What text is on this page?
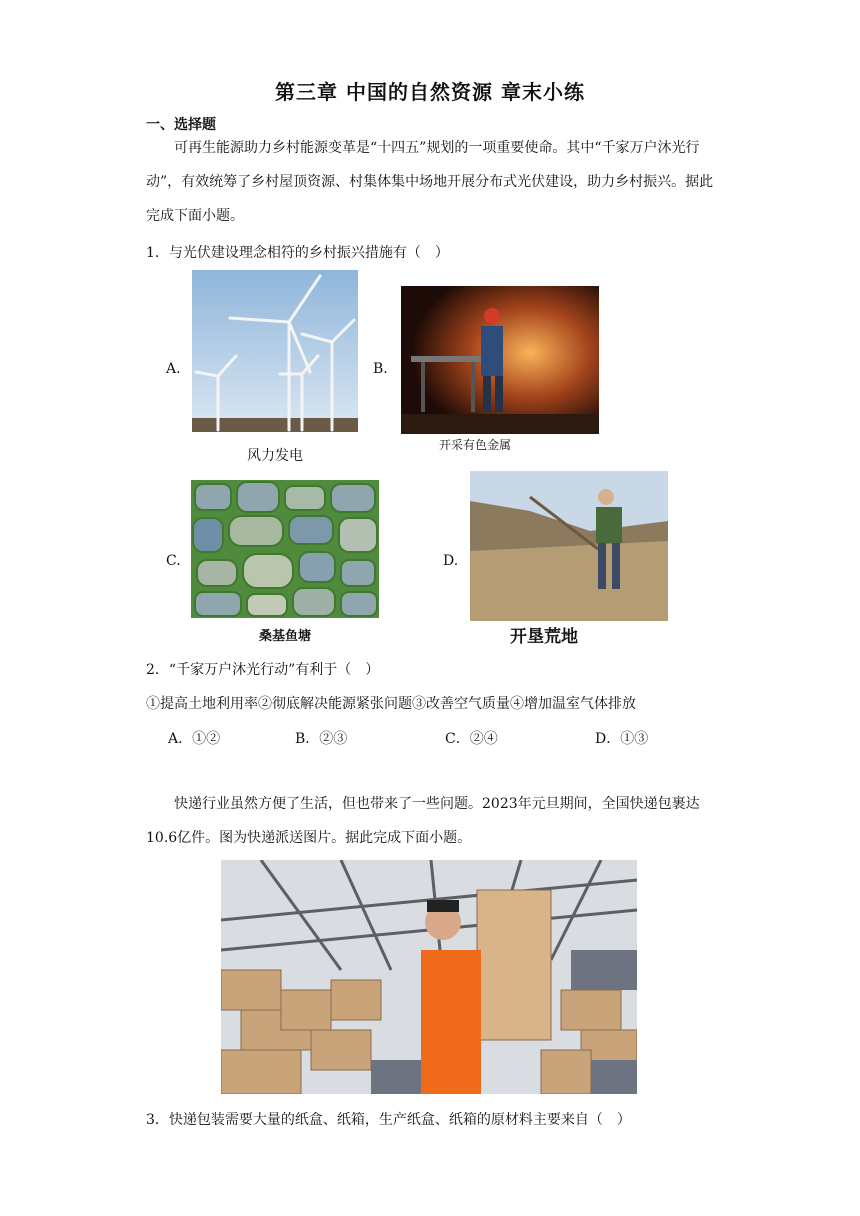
第三章 中国的自然资源 章末小练
一、选择题

可再生能源助力乡村能源变革是“十四五”规划的一项重要使命。其中“千家万户沐光行动”，有效统筹了乡村屋顶资源、村集体集中场地开展分布式光伏建设，助力乡村振兴。据此完成下面小题。

1．与光伏建设理念相符的乡村振兴措施有（　）
A.
风力发电
B.
开采有色金属
C.
桑基鱼塘
D.
开垦荒地
2．“千家万户沐光行动”有利于（　）
①提高土地利用率②彻底解决能源紧张问题③改善空气质量④增加温室气体排放
A．①②	B．②③	C．②④	D．①③

快递行业虽然方便了生活，但也带来了一些问题。2023年元旦期间，全国快递包裹达10.6亿件。图为快递派送图片。据此完成下面小题。

3．快递包装需要大量的纸盒、纸箱，生产纸盒、纸箱的原材料主要来自（　）
